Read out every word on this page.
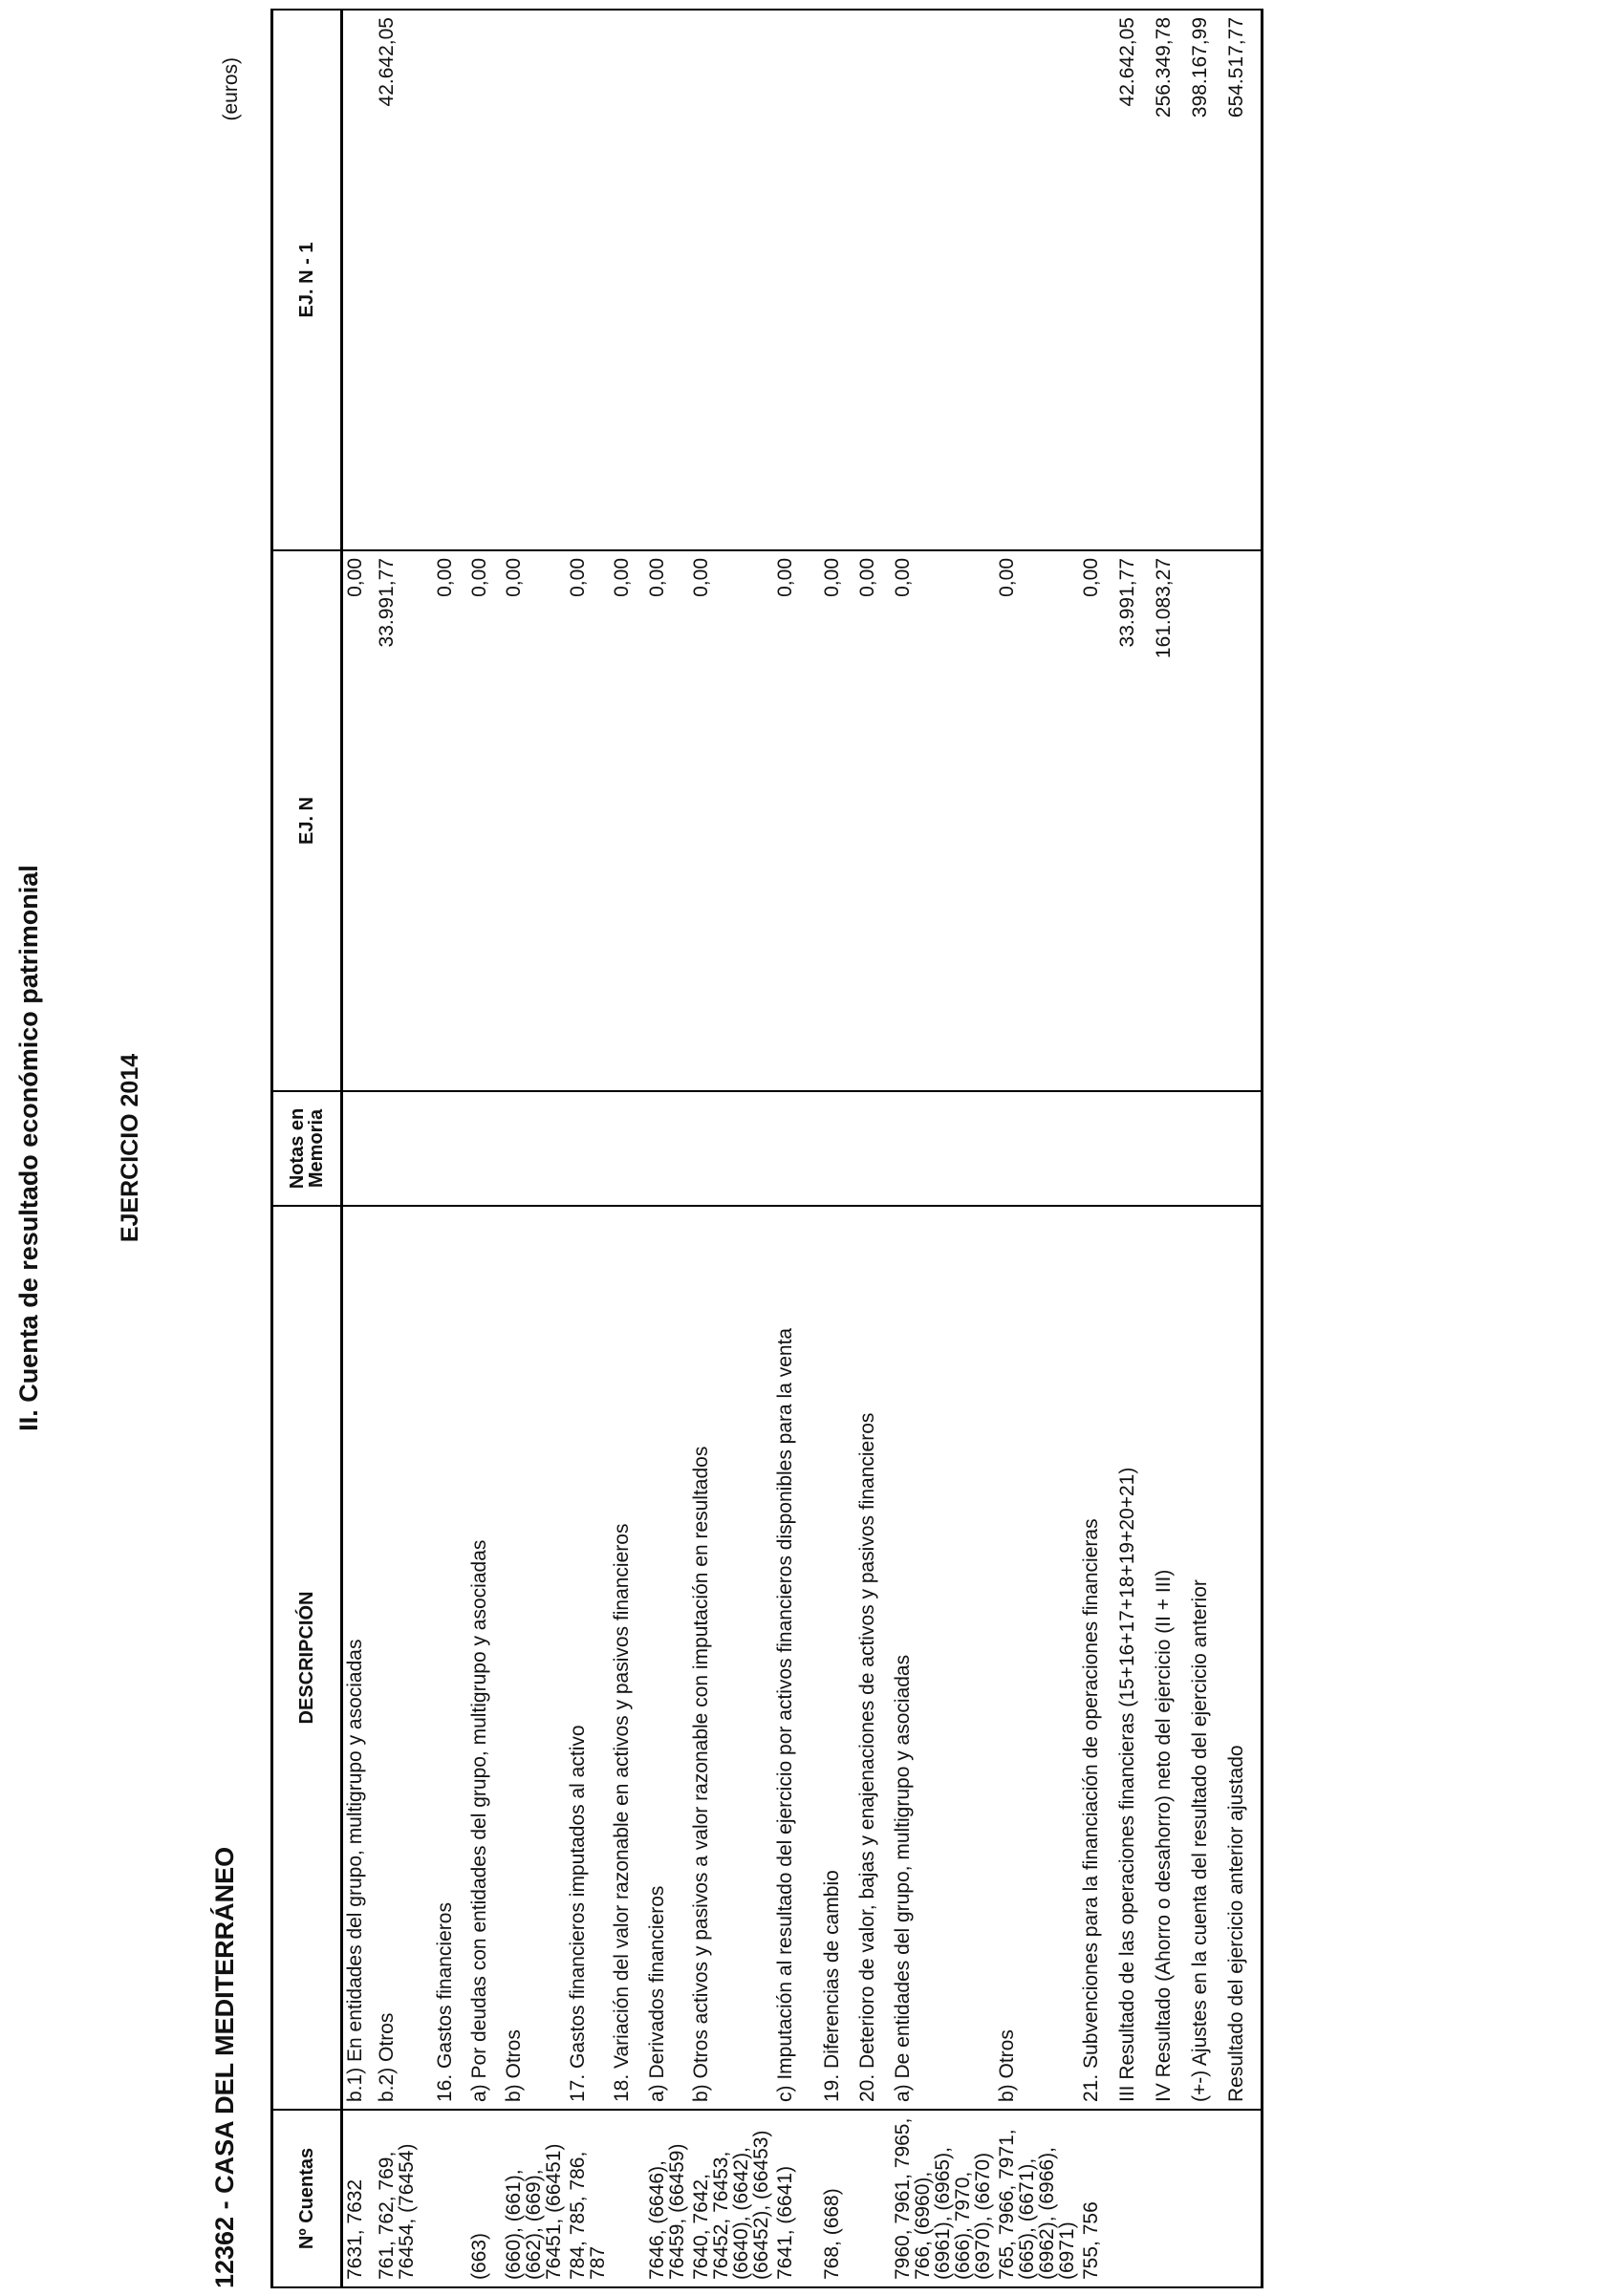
II. Cuenta de resultado económico patrimonial	EJERCICIO 2014
12362 - CASA DEL MEDITERRÁNEO
(euros)
Nº Cuentas	DESCRIPCIÓN	Notas en Memoria	EJ. N	EJ. N - 1
7631, 7632	b.1) En entidades del grupo, multigrupo y asociadas		0,00	
761, 762, 769, 76454, (76454)	b.2) Otros		33.991,77	42.642,05
	16. Gastos financieros		0,00	
(663)	a) Por deudas con entidades del grupo, multigrupo y asociadas		0,00	
(660), (661), (662), (669), 76451, (66451)	b) Otros		0,00	
784, 785, 786, 787	17. Gastos financieros imputados al activo		0,00	
	18. Variación del valor razonable en activos y pasivos financieros		0,00	
7646, (6646), 76459, (66459)	a) Derivados financieros		0,00	
7640, 7642, 76452, 76453, (6640), (6642), (66452), (66453)	b) Otros activos y pasivos a valor razonable con imputación en resultados		0,00	
7641, (6641)	c) Imputación al resultado del ejercicio por activos financieros disponibles para la venta		0,00	
768, (668)	19. Diferencias de cambio		0,00	
	20. Deterioro de valor, bajas y enajenaciones de activos y pasivos financieros		0,00	
7960, 7961, 7965, 766, (6960), (6961), (6965), (666), 7970, (6970), (6670)	a) De entidades del grupo, multigrupo y asociadas		0,00	
765, 7966, 7971, (665), (6671), (6962), (6966), (6971)	b) Otros		0,00	
755, 756	21. Subvenciones para la financiación de operaciones financieras		0,00	
	III Resultado de las operaciones financieras (15+16+17+18+19+20+21)		33.991,77	42.642,05
	IV Resultado (Ahorro o desahorro) neto del ejercicio (II + III)		161.083,27	256.349,78
	(+-) Ajustes en la cuenta del resultado del ejercicio anterior			398.167,99
	Resultado del ejercicio anterior ajustado			654.517,77
